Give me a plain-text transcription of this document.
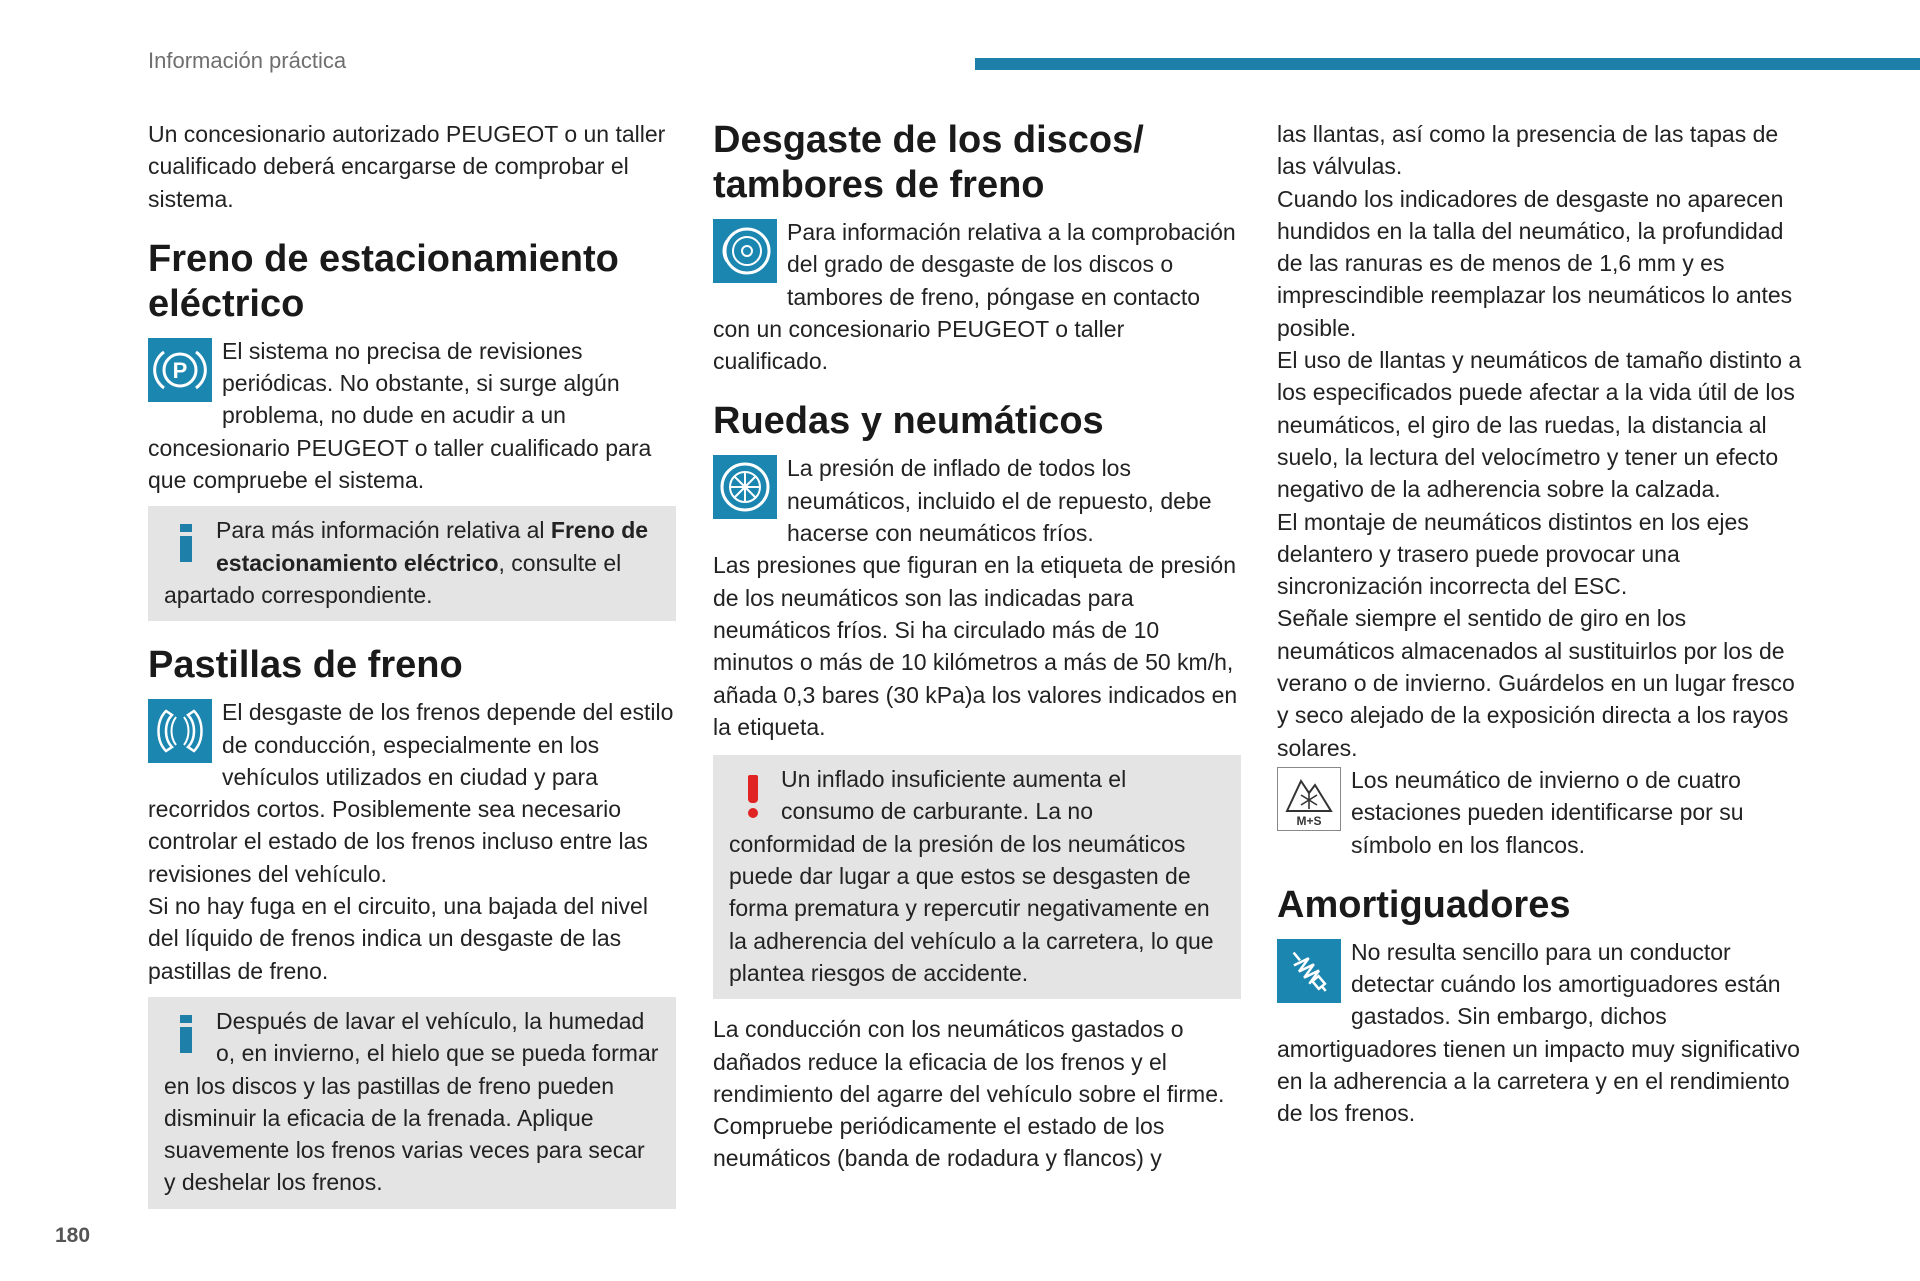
Información práctica

Un concesionario autorizado PEUGEOT o un taller cualificado deberá encargarse de comprobar el sistema.

Freno de estacionamiento eléctrico
P

El sistema no precisa de revisiones periódicas. No obstante, si surge algún problema, no dude en acudir a un concesionario PEUGEOT o taller cualificado para que compruebe el sistema.

Para más información relativa al Freno de estacionamiento eléctrico, consulte el apartado correspondiente.

Pastillas de freno

El desgaste de los frenos depende del estilo de conducción, especialmente en los vehículos utilizados en ciudad y para recorridos cortos. Posiblemente sea necesario controlar el estado de los frenos incluso entre las revisiones del vehículo.

Si no hay fuga en el circuito, una bajada del nivel del líquido de frenos indica un desgaste de las pastillas de freno.

Después de lavar el vehículo, la humedad o, en invierno, el hielo que se pueda formar en los discos y las pastillas de freno pueden disminuir la eficacia de la frenada. Aplique suavemente los frenos varias veces para secar y deshelar los frenos.

Desgaste de los discos/ tambores de freno

Para información relativa a la comprobación del grado de desgaste de los discos o tambores de freno, póngase en contacto con un concesionario PEUGEOT o taller cualificado.

Ruedas y neumáticos

La presión de inflado de todos los neumáticos, incluido el de repuesto, debe hacerse con neumáticos fríos.

Las presiones que figuran en la etiqueta de presión de los neumáticos son las indicadas para neumáticos fríos. Si ha circulado más de 10 minutos o más de 10 kilómetros a más de 50 km/h, añada 0,3 bares (30 kPa)a los valores indicados en la etiqueta.

Un inflado insuficiente aumenta el consumo de carburante. La no conformidad de la presión de los neumáticos puede dar lugar a que estos se desgasten de forma prematura y repercutir negativamente en la adherencia del vehículo a la carretera, lo que plantea riesgos de accidente.

La conducción con los neumáticos gastados o dañados reduce la eficacia de los frenos y el rendimiento del agarre del vehículo sobre el firme. Compruebe periódicamente el estado de los neumáticos (banda de rodadura y flancos) y

las llantas, así como la presencia de las tapas de las válvulas.

Cuando los indicadores de desgaste no aparecen hundidos en la talla del neumático, la profundidad de las ranuras es de menos de 1,6 mm y es imprescindible reemplazar los neumáticos lo antes posible.

El uso de llantas y neumáticos de tamaño distinto a los especificados puede afectar a la vida útil de los neumáticos, el giro de las ruedas, la distancia al suelo, la lectura del velocímetro y tener un efecto negativo de la adherencia sobre la calzada.

El montaje de neumáticos distintos en los ejes delantero y trasero puede provocar una sincronización incorrecta del ESC.

Señale siempre el sentido de giro en los neumáticos almacenados al sustituirlos por los de verano o de invierno. Guárdelos en un lugar fresco y seco alejado de la exposición directa a los rayos solares.

M+S

Los neumático de invierno o de cuatro estaciones pueden identificarse por su símbolo en los flancos.

Amortiguadores

No resulta sencillo para un conductor detectar cuándo los amortiguadores están gastados. Sin embargo, dichos amortiguadores tienen un impacto muy significativo en la adherencia a la carretera y en el rendimiento de los frenos.

180
